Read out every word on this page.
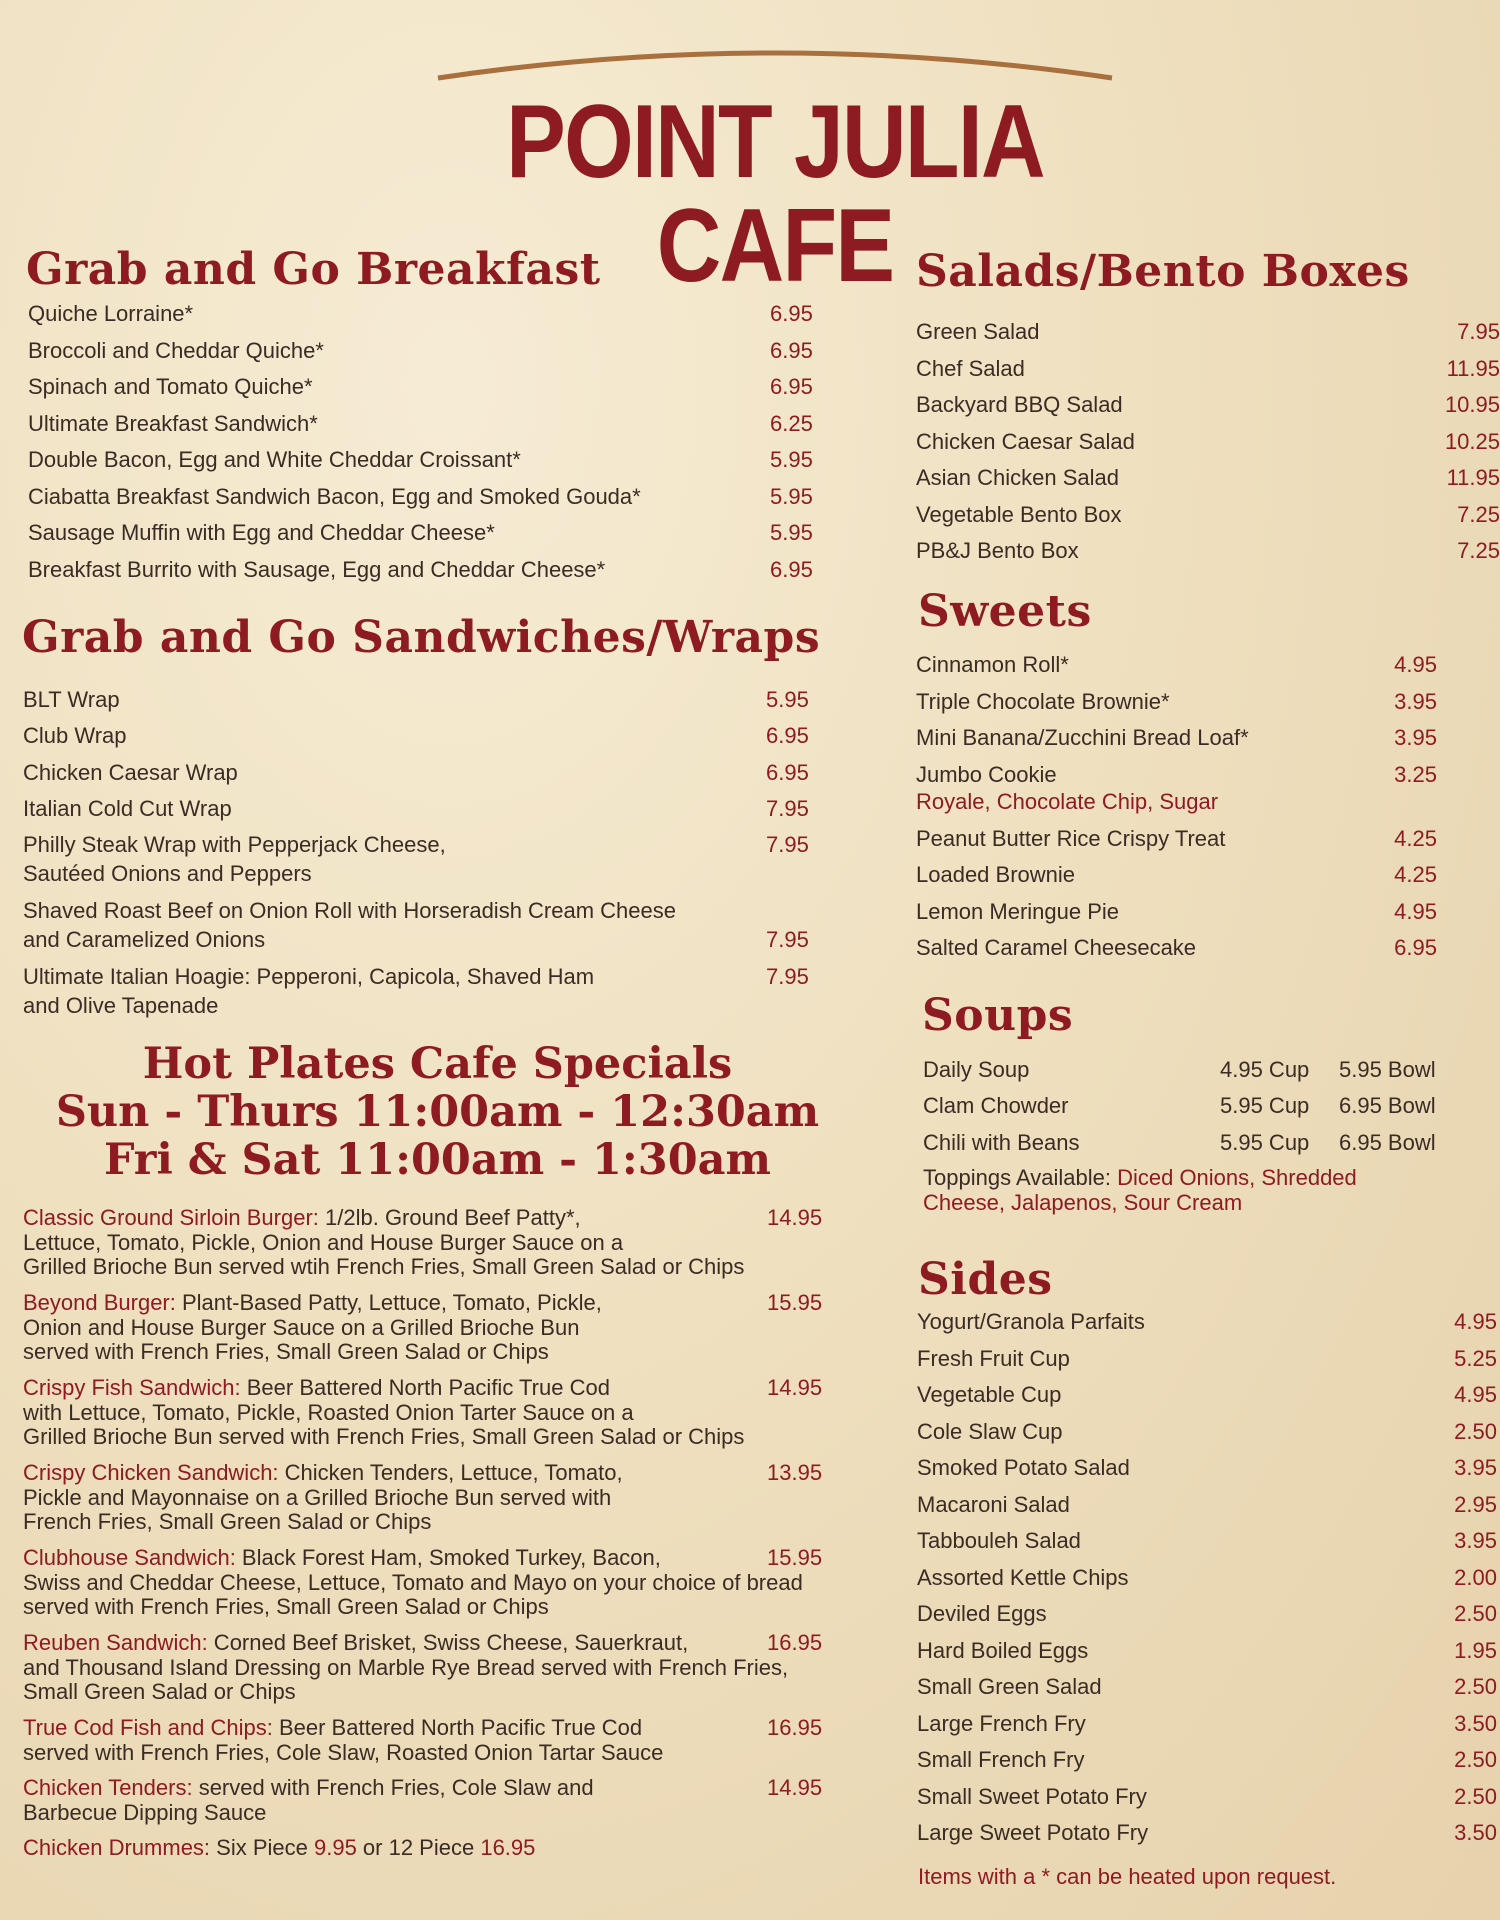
POINT JULIA CAFE
Grab and Go Breakfast
Grab and Go Sandwiches/Wraps
Salads/Bento Boxes
Sweets
Soups
Sides
Hot Plates Cafe Specials
Sun - Thurs 11:00am - 12:30am
Fri & Sat 11:00am - 1:30am
Quiche Lorraine*	6.95
Broccoli and Cheddar Quiche*	6.95
Spinach and Tomato Quiche*	6.95
Ultimate Breakfast Sandwich*	6.25
Double Bacon, Egg and White Cheddar Croissant*	5.95
Ciabatta Breakfast Sandwich Bacon, Egg and Smoked Gouda*	5.95
Sausage Muffin with Egg and Cheddar Cheese*	5.95
Breakfast Burrito with Sausage, Egg and Cheddar Cheese*	6.95
BLT Wrap	5.95
Club Wrap	6.95
Chicken Caesar Wrap	6.95
Italian Cold Cut Wrap	7.95
Philly Steak Wrap with Pepperjack Cheese,
Sautéed Onions and Peppers
7.95
Shaved Roast Beef on Onion Roll with Horseradish Cream Cheese
and Caramelized Onions	7.95
Ultimate Italian Hoagie: Pepperoni, Capicola, Shaved Ham
and Olive Tapenade
7.95
Classic Ground Sirloin Burger: 1/2lb. Ground Beef Patty*,
Lettuce, Tomato, Pickle, Onion and House Burger Sauce on a
Grilled Brioche Bun served wtih French Fries, Small Green Salad or Chips
14.95
Beyond Burger: Plant-Based Patty, Lettuce, Tomato, Pickle,
Onion and House Burger Sauce on a Grilled Brioche Bun
served with French Fries, Small Green Salad or Chips
15.95
Crispy Fish Sandwich: Beer Battered North Pacific True Cod
with Lettuce, Tomato, Pickle, Roasted Onion Tarter Sauce on a
Grilled Brioche Bun served with French Fries, Small Green Salad or Chips
14.95
Crispy Chicken Sandwich: Chicken Tenders, Lettuce, Tomato,
Pickle and Mayonnaise on a Grilled Brioche Bun served with
French Fries, Small Green Salad or Chips
13.95
Clubhouse Sandwich: Black Forest Ham, Smoked Turkey, Bacon,
Swiss and Cheddar Cheese, Lettuce, Tomato and Mayo on your choice of bread
served with French Fries, Small Green Salad or Chips
15.95
Reuben Sandwich: Corned Beef Brisket, Swiss Cheese, Sauerkraut,
and Thousand Island Dressing on Marble Rye Bread served with French Fries,
Small Green Salad or Chips
16.95
True Cod Fish and Chips: Beer Battered North Pacific True Cod
served with French Fries, Cole Slaw, Roasted Onion Tartar Sauce
16.95
Chicken Tenders: served with French Fries, Cole Slaw and
Barbecue Dipping Sauce
14.95
Chicken Drummes: Six Piece 9.95 or 12 Piece 16.95
Green Salad	7.95
Chef Salad	11.95
Backyard BBQ Salad	10.95
Chicken Caesar Salad	10.25
Asian Chicken Salad	11.95
Vegetable Bento Box	7.25
PB&J Bento Box	7.25
Cinnamon Roll*	4.95
Triple Chocolate Brownie*	3.95
Mini Banana/Zucchini Bread Loaf*	3.95
Jumbo Cookie
Royale, Chocolate Chip, Sugar
3.25
Peanut Butter Rice Crispy Treat	4.25
Loaded Brownie	4.25
Lemon Meringue Pie	4.95
Salted Caramel Cheesecake	6.95
Daily Soup	4.95 Cup 5.95 Bowl
Clam Chowder	5.95 Cup 6.95 Bowl
Chili with Beans	5.95 Cup 6.95 Bowl
Yogurt/Granola Parfaits	4.95
Fresh Fruit Cup	5.25
Vegetable Cup	4.95
Cole Slaw Cup	2.50
Smoked Potato Salad	3.95
Macaroni Salad	2.95
Tabbouleh Salad	3.95
Assorted Kettle Chips	2.00
Deviled Eggs	2.50
Hard Boiled Eggs	1.95
Small Green Salad	2.50
Large French Fry	3.50
Small French Fry	2.50
Small Sweet Potato Fry	2.50
Large Sweet Potato Fry	3.50
Toppings Available: Diced Onions, Shredded
Cheese, Jalapenos, Sour Cream
Items with a * can be heated upon request.
